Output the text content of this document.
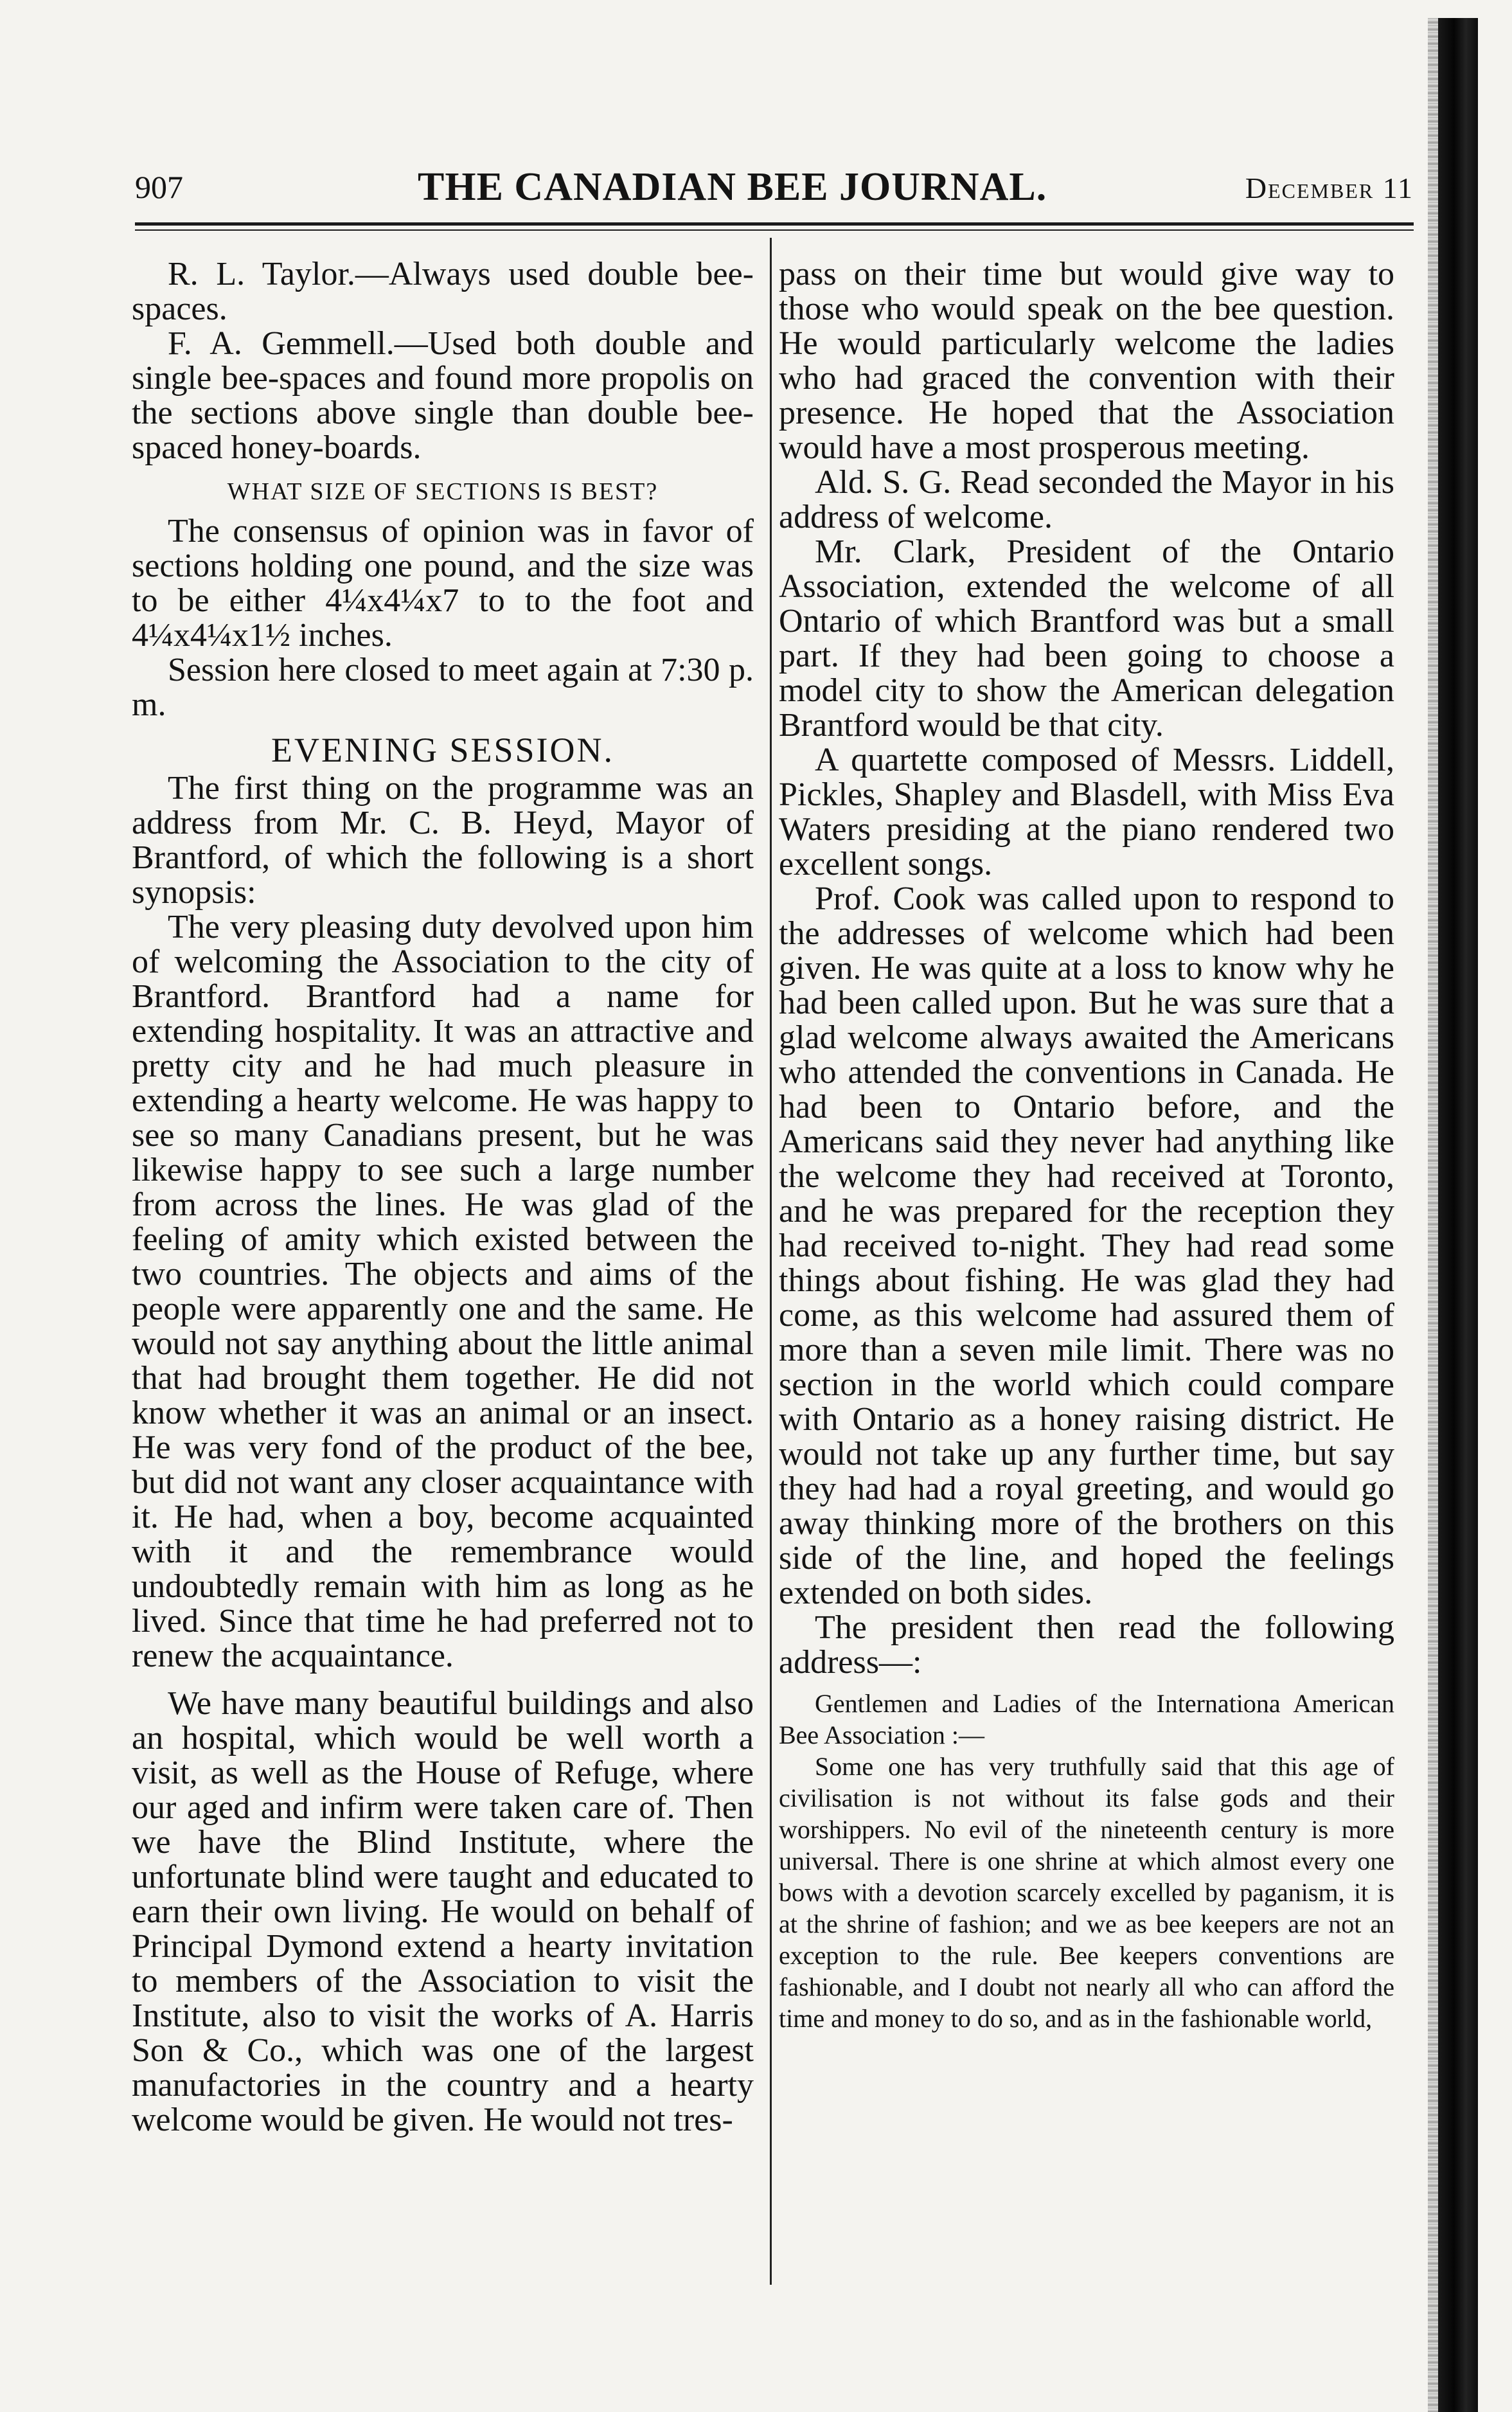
907	THE CANADIAN BEE JOURNAL.	December 11

R. L. Taylor.—Always used double bee-spaces.

F. A. Gemmell.—Used both double and single bee-spaces and found more propolis on the sections above single than double bee-spaced honey-boards.

WHAT SIZE OF SECTIONS IS BEST?

The consensus of opinion was in favor of sections holding one pound, and the size was to be either 4¼x4¼x7 to to the foot and 4¼x4¼x1½ inches.

Session here closed to meet again at 7:30 p. m.

EVENING SESSION.

The first thing on the programme was an address from Mr. C. B. Heyd, Mayor of Brantford, of which the following is a short synopsis:

The very pleasing duty devolved upon him of welcoming the Association to the city of Brantford. Brantford had a name for extending hospitality. It was an attractive and pretty city and he had much pleasure in extending a hearty welcome. He was happy to see so many Canadians present, but he was likewise happy to see such a large number from across the lines. He was glad of the feeling of amity which existed between the two countries. The objects and aims of the people were apparently one and the same. He would not say anything about the little animal that had brought them together. He did not know whether it was an animal or an insect. He was very fond of the product of the bee, but did not want any closer acquaintance with it. He had, when a boy, become acquainted with it and the remembrance would undoubtedly remain with him as long as he lived. Since that time he had preferred not to renew the acquaintance.

We have many beautiful buildings and also an hospital, which would be well worth a visit, as well as the House of Refuge, where our aged and infirm were taken care of. Then we have the Blind Institute, where the unfortunate blind were taught and educated to earn their own living. He would on behalf of Principal Dymond extend a hearty invitation to members of the Association to visit the Institute, also to visit the works of A. Harris Son & Co., which was one of the largest manufactories in the country and a hearty welcome would be given. He would not tres-

pass on their time but would give way to those who would speak on the bee question. He would particularly welcome the ladies who had graced the convention with their presence. He hoped that the Association would have a most prosperous meeting.

Ald. S. G. Read seconded the Mayor in his address of welcome.

Mr. Clark, President of the Ontario Association, extended the welcome of all Ontario of which Brantford was but a small part. If they had been going to choose a model city to show the American delegation Brantford would be that city.

A quartette composed of Messrs. Liddell, Pickles, Shapley and Blasdell, with Miss Eva Waters presiding at the piano rendered two excellent songs.

Prof. Cook was called upon to respond to the addresses of welcome which had been given. He was quite at a loss to know why he had been called upon. But he was sure that a glad welcome always awaited the Americans who attended the conventions in Canada. He had been to Ontario before, and the Americans said they never had anything like the welcome they had received at Toronto, and he was prepared for the reception they had received to-night. They had read some things about fishing. He was glad they had come, as this welcome had assured them of more than a seven mile limit. There was no section in the world which could compare with Ontario as a honey raising district. He would not take up any further time, but say they had had a royal greeting, and would go away thinking more of the brothers on this side of the line, and hoped the feelings extended on both sides.

The president then read the following address—:

Gentlemen and Ladies of the Internationa American Bee Association :—

Some one has very truthfully said that this age of civilisation is not without its false gods and their worshippers. No evil of the nineteenth century is more universal. There is one shrine at which almost every one bows with a devotion scarcely excelled by paganism, it is at the shrine of fashion; and we as bee keepers are not an exception to the rule. Bee keepers conventions are fashionable, and I doubt not nearly all who can afford the time and money to do so, and as in the fashionable world,
